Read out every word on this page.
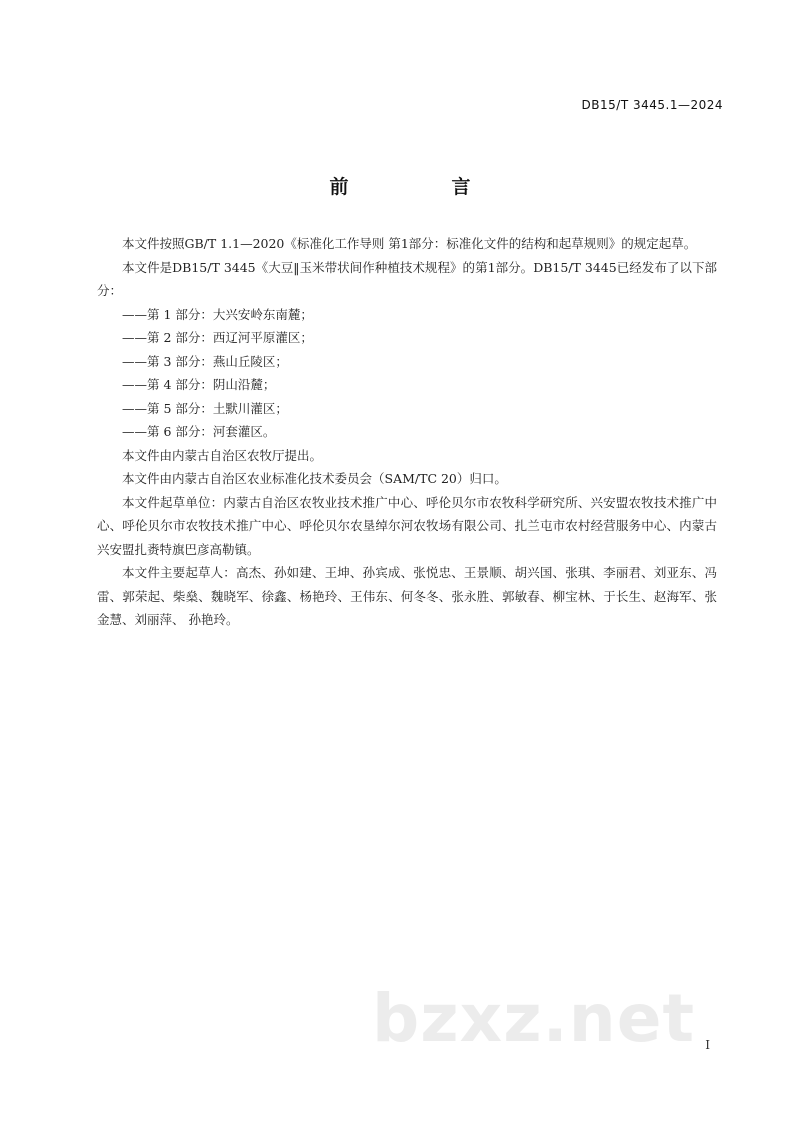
DB15/T 3445.1—2024
前　言

本文件按照GB/T 1.1—2020《标准化工作导则 第1部分：标准化文件的结构和起草规则》的规定起草。

本文件是DB15/T 3445《大豆‖玉米带状间作种植技术规程》的第1部分。DB15/T 3445已经发布了以下部分：

——第 1 部分：大兴安岭东南麓；

——第 2 部分：西辽河平原灌区；

——第 3 部分：燕山丘陵区；

——第 4 部分：阴山沿麓；

——第 5 部分：土默川灌区；

——第 6 部分：河套灌区。

本文件由内蒙古自治区农牧厅提出。

本文件由内蒙古自治区农业标准化技术委员会（SAM/TC 20）归口。

本文件起草单位：内蒙古自治区农牧业技术推广中心、呼伦贝尔市农牧科学研究所、兴安盟农牧技术推广中心、呼伦贝尔市农牧技术推广中心、呼伦贝尔农垦绰尔河农牧场有限公司、扎兰屯市农村经营服务中心、内蒙古兴安盟扎赉特旗巴彦高勒镇。

本文件主要起草人：高杰、孙如建、王坤、孙宾成、张悦忠、王景顺、胡兴国、张琪、李丽君、刘亚东、冯雷、郭荣起、柴燊、魏晓军、徐鑫、杨艳玲、王伟东、何冬冬、张永胜、郭敏春、柳宝林、于长生、赵海军、张金慧、刘丽萍、 孙艳玲。

bzxz.net I
